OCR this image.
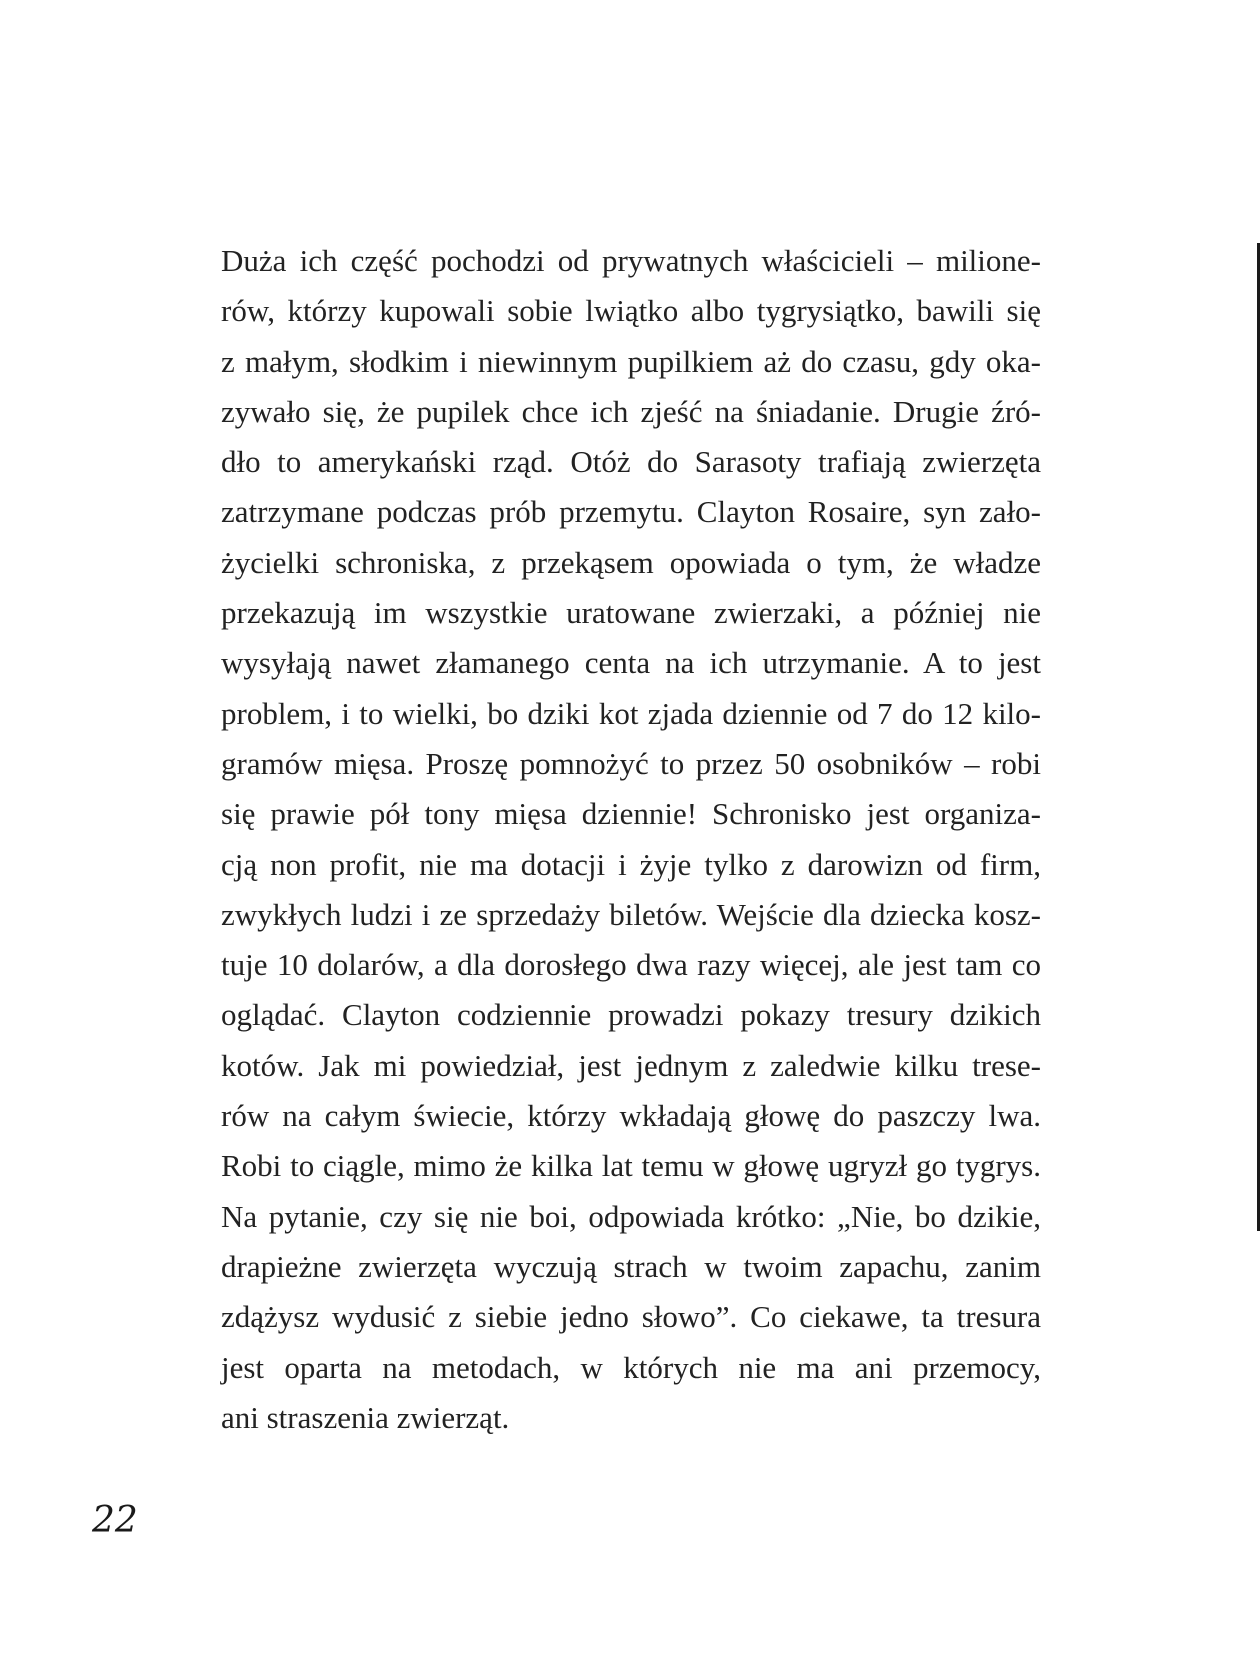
Duża ich część pochodzi od prywatnych właścicieli – milione-
rów, którzy kupowali sobie lwiątko albo tygrysiątko, bawili się
z małym, słodkim i niewinnym pupilkiem aż do czasu, gdy oka-
zywało się, że pupilek chce ich zjeść na śniadanie. Drugie źró-
dło to amerykański rząd. Otóż do Sarasoty trafiają zwierzęta
zatrzymane podczas prób przemytu. Clayton Rosaire, syn zało-
życielki schroniska, z przekąsem opowiada o tym, że władze
przekazują im wszystkie uratowane zwierzaki, a później nie
wysyłają nawet złamanego centa na ich utrzymanie. A to jest
problem, i to wielki, bo dziki kot zjada dziennie od 7 do 12 kilo-
gramów mięsa. Proszę pomnożyć to przez 50 osobników – robi
się prawie pół tony mięsa dziennie! Schronisko jest organiza-
cją non profit, nie ma dotacji i żyje tylko z darowizn od firm,
zwykłych ludzi i ze sprzedaży biletów. Wejście dla dziecka kosz-
tuje 10 dolarów, a dla dorosłego dwa razy więcej, ale jest tam co
oglądać. Clayton codziennie prowadzi pokazy tresury dzikich
kotów. Jak mi powiedział, jest jednym z zaledwie kilku trese-
rów na całym świecie, którzy wkładają głowę do paszczy lwa.
Robi to ciągle, mimo że kilka lat temu w głowę ugryzł go tygrys.
Na pytanie, czy się nie boi, odpowiada krótko: „Nie, bo dzikie,
drapieżne zwierzęta wyczują strach w twoim zapachu, zanim
zdążysz wydusić z siebie jedno słowo”. Co ciekawe, ta tresura
jest oparta na metodach, w których nie ma ani przemocy,
ani straszenia zwierząt.
22
